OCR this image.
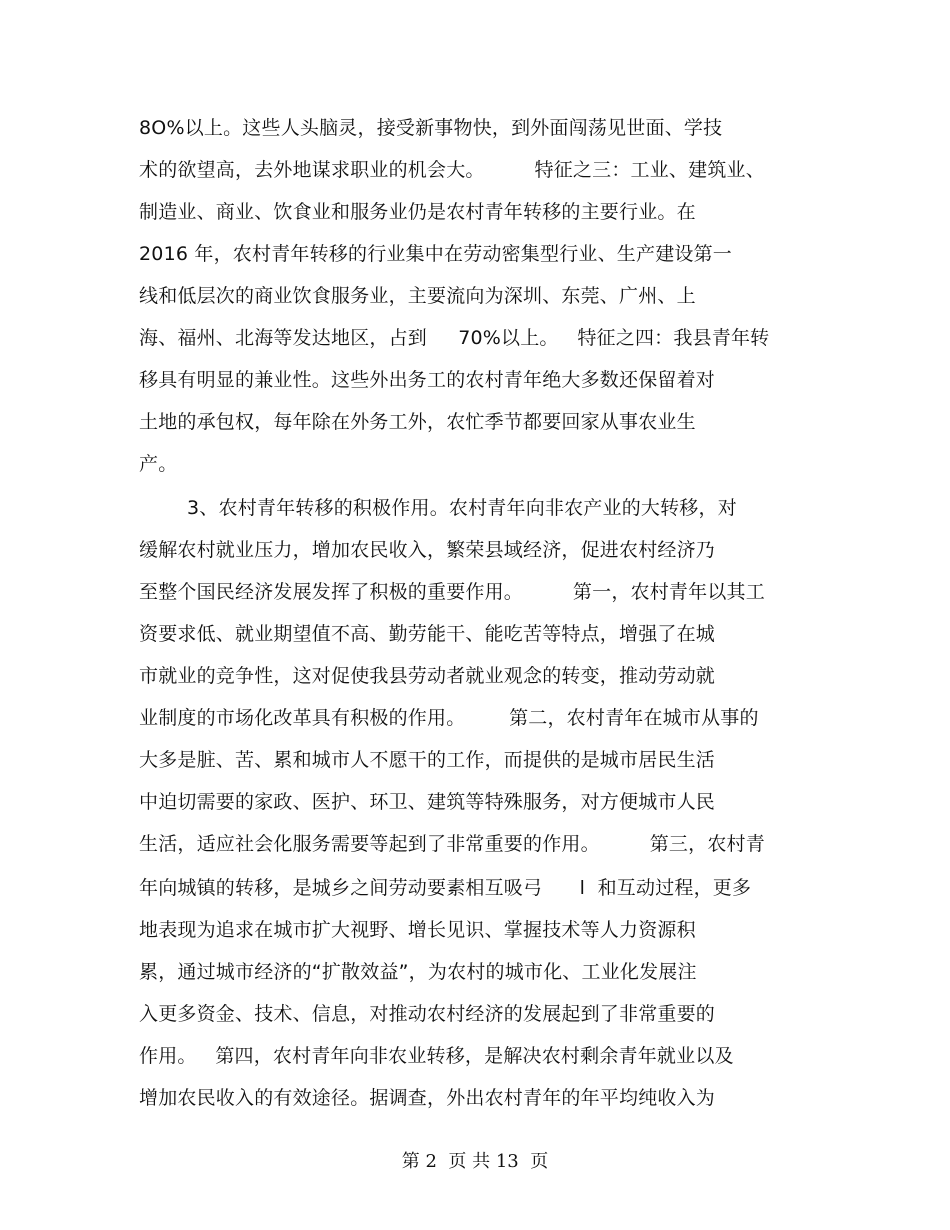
8O%以上。这些人头脑灵，接受新事物快，到外面闯荡见世面、学技
术的欲望高，去外地谋求职业的机会大。        特征之三：工业、建筑业、
制造业、商业、饮食业和服务业仍是农村青年转移的主要行业。在
2016 年，农村青年转移的行业集中在劳动密集型行业、生产建设第一
线和低层次的商业饮食服务业，主要流向为深圳、东莞、广州、上
海、福州、北海等发达地区，占到     70%以上。   特征之四：我县青年转
移具有明显的兼业性。这些外出务工的农村青年绝大多数还保留着对
土地的承包权，每年除在外务工外，农忙季节都要回家从事农业生
产。
3、农村青年转移的积极作用。农村青年向非农产业的大转移，对
缓解农村就业压力，增加农民收入，繁荣县域经济，促进农村经济乃
至整个国民经济发展发挥了积极的重要作用。        第一，农村青年以其工
资要求低、就业期望值不高、勤劳能干、能吃苦等特点，增强了在城
市就业的竞争性，这对促使我县劳动者就业观念的转变，推动劳动就
业制度的市场化改革具有积极的作用。       第二，农村青年在城市从事的
大多是脏、苦、累和城市人不愿干的工作，而提供的是城市居民生活
中迫切需要的家政、医护、环卫、建筑等特殊服务，对方便城市人民
生活，适应社会化服务需要等起到了非常重要的作用。        第三，农村青
年向城镇的转移，是城乡之间劳动要素相互吸弓      l  和互动过程，更多
地表现为追求在城市扩大视野、增长见识、掌握技术等人力资源积
累，通过城市经济的“扩散效益”，为农村的城市化、工业化发展注
入更多资金、技术、信息，对推动农村经济的发展起到了非常重要的
作用。   第四，农村青年向非农业转移，是解决农村剩余青年就业以及
增加农民收入的有效途径。据调查，外出农村青年的年平均纯收入为
第 2  页 共 13  页
